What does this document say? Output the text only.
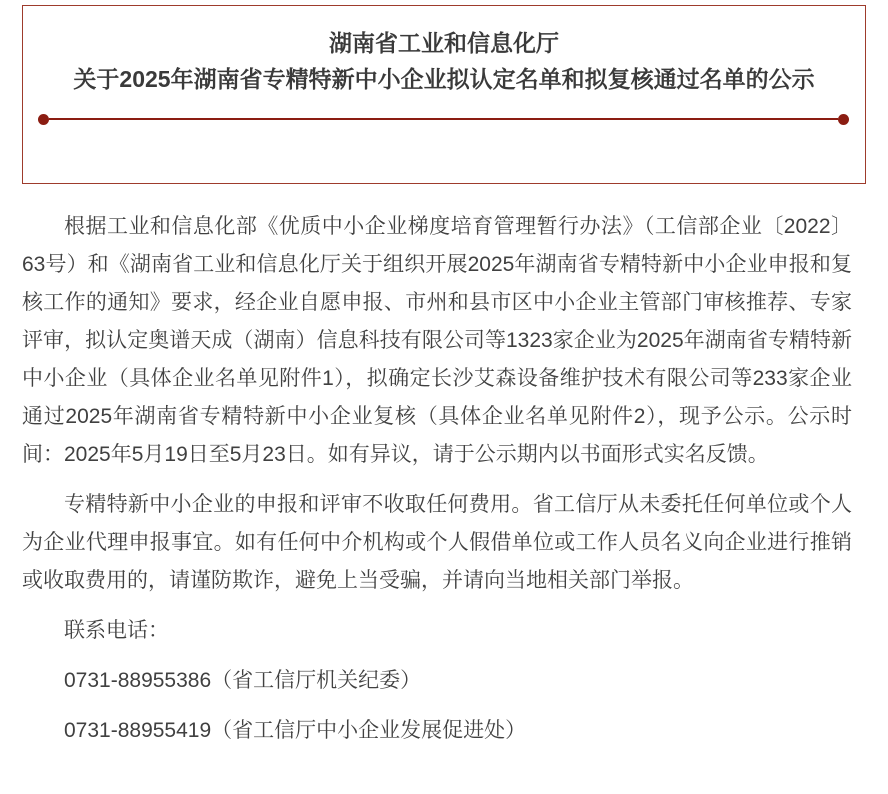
湖南省工业和信息化厅
关于2025年湖南省专精特新中小企业拟认定名单和拟复核通过名单的公示

根据工业和信息化部《优质中小企业梯度培育管理暂行办法》（工信部企业〔2022〕63号）和《湖南省工业和信息化厅关于组织开展2025年湖南省专精特新中小企业申报和复核工作的通知》要求，经企业自愿申报、市州和县市区中小企业主管部门审核推荐、专家评审，拟认定奥谱天成（湖南）信息科技有限公司等1323家企业为2025年湖南省专精特新中小企业（具体企业名单见附件1），拟确定长沙艾森设备维护技术有限公司等233家企业通过2025年湖南省专精特新中小企业复核（具体企业名单见附件2），现予公示。公示时间：2025年5月19日至5月23日。如有异议，请于公示期内以书面形式实名反馈。

专精特新中小企业的申报和评审不收取任何费用。省工信厅从未委托任何单位或个人为企业代理申报事宜。如有任何中介机构或个人假借单位或工作人员名义向企业进行推销或收取费用的，请谨防欺诈，避免上当受骗，并请向当地相关部门举报。

联系电话：

0731-88955386（省工信厅机关纪委）

0731-88955419（省工信厅中小企业发展促进处）
